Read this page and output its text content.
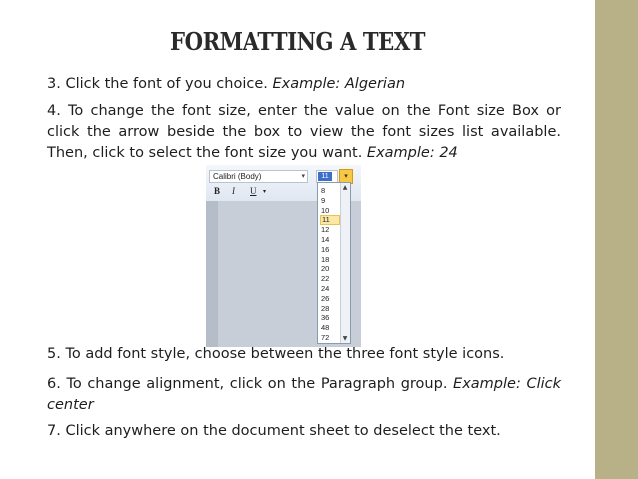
FORMATTING A TEXT
3. Click the font of you choice. Example: Algerian
4. To change the font size, enter the value on the Font size Box or click the arrow beside the box to view the font sizes list available. Then, click to select the font size you want. Example: 24
Calibri (Body)	▾	11	▾
B I U ▾	8
9
10
11
12
14
16
18
20
22
24
26
28
36
48
72
▲
▼
5. To add font style, choose between the three font style icons.
6. To change alignment, click on the Paragraph group. Example: Click center
7. Click anywhere on the document sheet to deselect the text.
